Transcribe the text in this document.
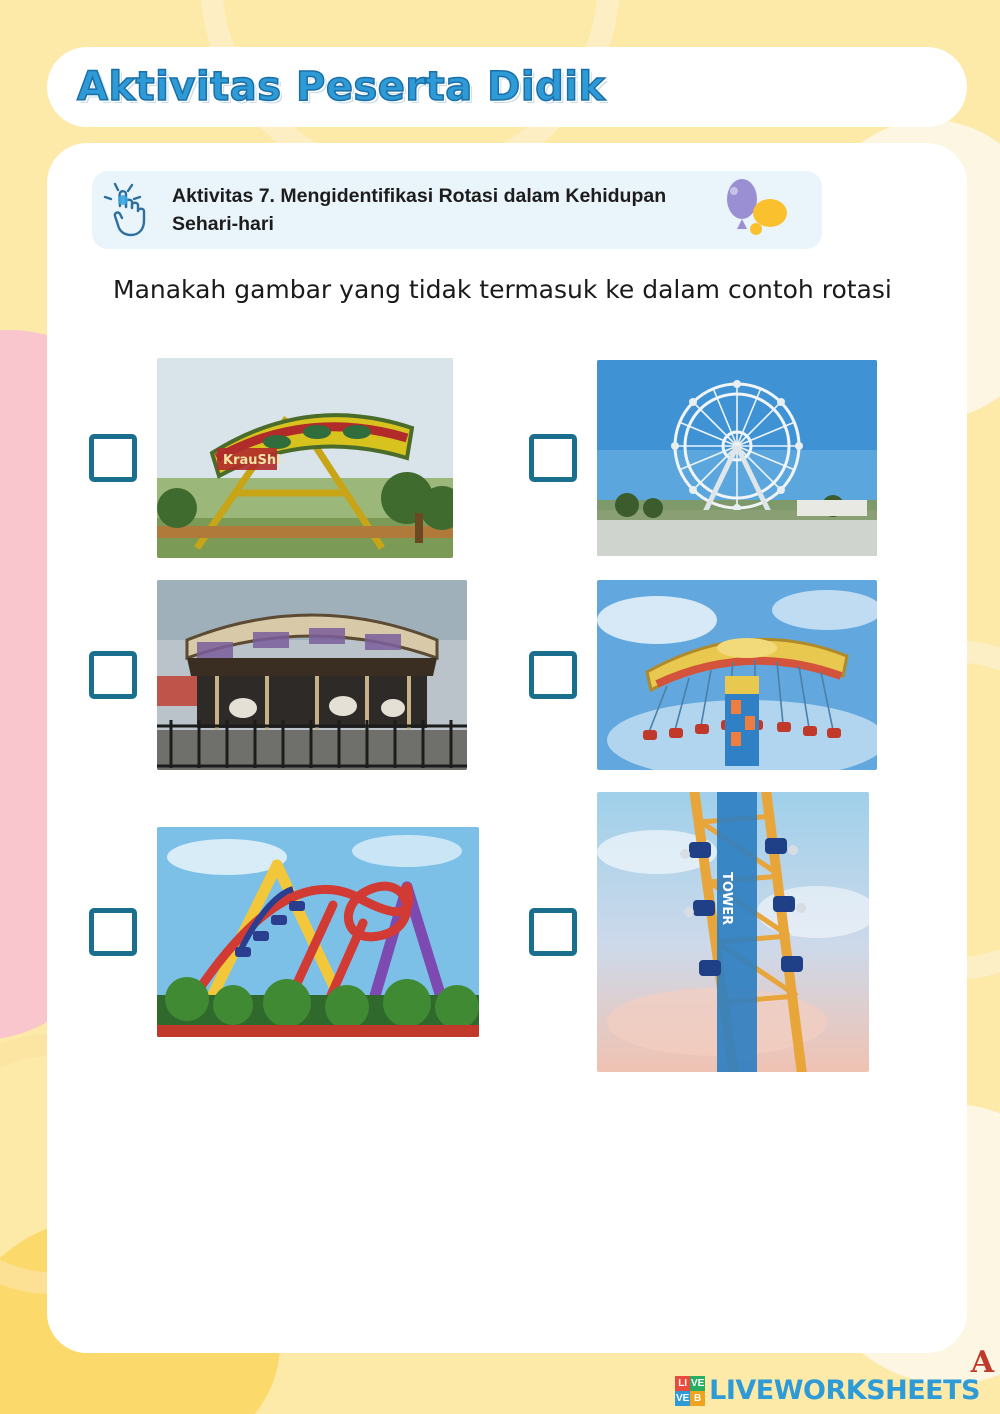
Aktivitas Peserta Didik
Aktivitas 7. Mengidentifikasi Rotasi dalam Kehidupan Sehari-hari
Manakah gambar yang tidak termasuk ke dalam contoh rotasi
KrauShi
TOWER
LI VE
VE B LIVEWORKSHEETS
A
